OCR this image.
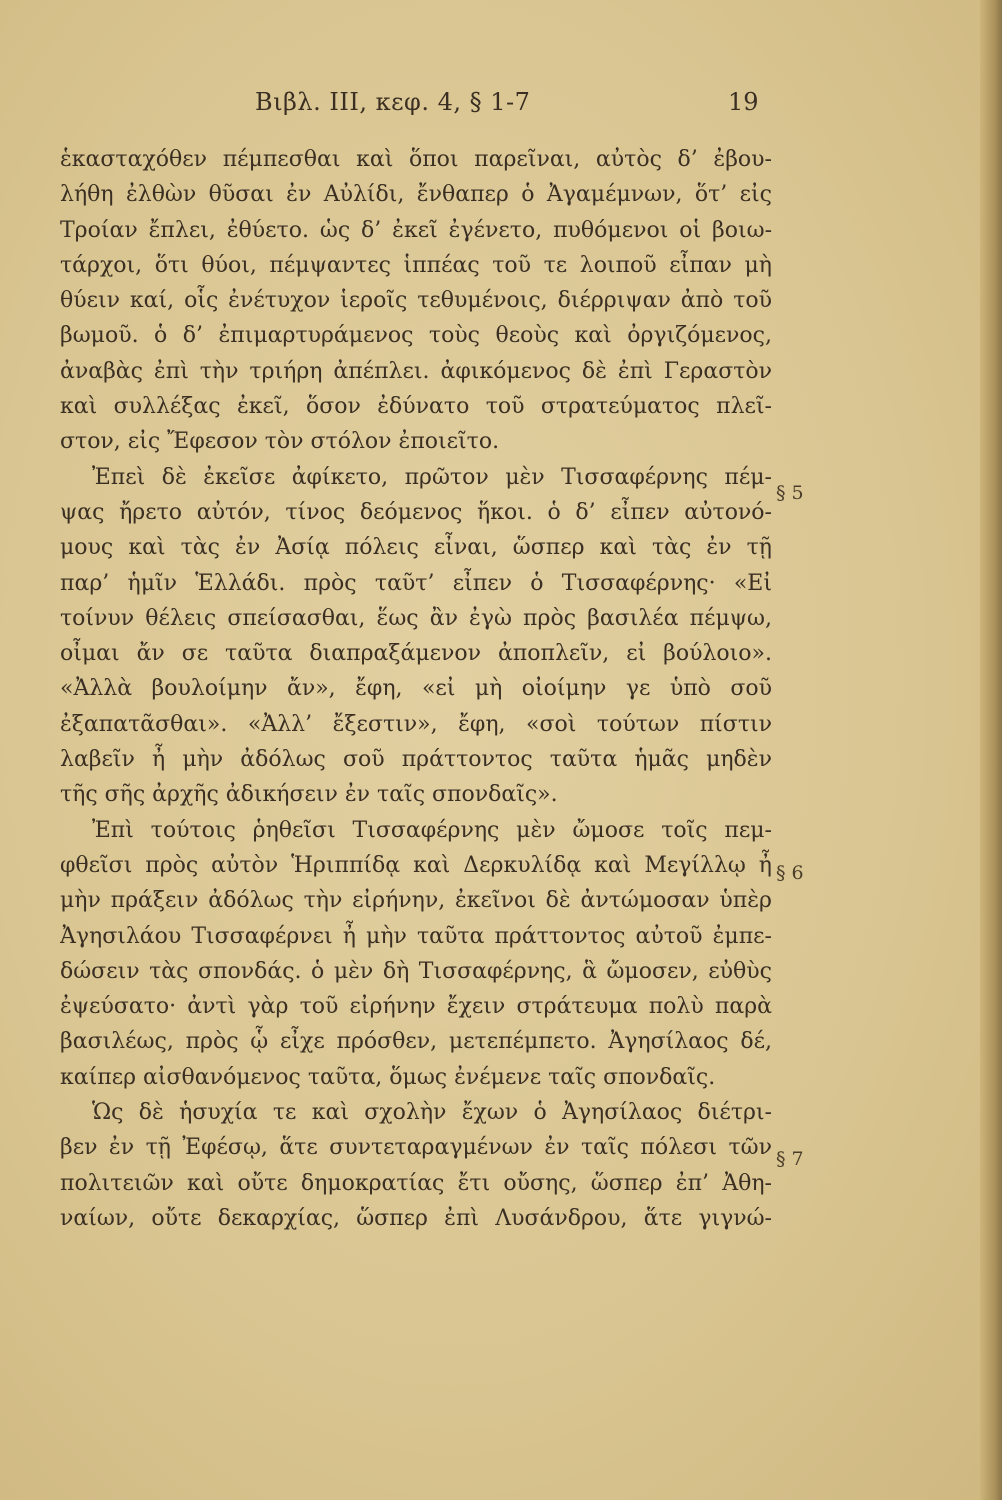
Βιβλ. ΙΙΙ, κεφ. 4, § 1-7	19
ἑκασταχόθεν πέμπεσθαι καὶ ὅποι παρεῖναι, αὐτὸς δ’ ἐβου-
λήθη ἐλθὼν θῦσαι ἐν Αὐλίδι, ἔνθαπερ ὁ Ἀγαμέμνων, ὅτ’ εἰς
Τροίαν ἔπλει, ἐθύετο. ὡς δ’ ἐκεῖ ἐγένετο, πυθόμενοι οἱ βοιω-
τάρχοι, ὅτι θύοι, πέμψαντες ἱππέας τοῦ τε λοιποῦ εἶπαν μὴ
θύειν καί, οἷς ἐνέτυχον ἱεροῖς τεθυμένοις, διέρριψαν ἀπὸ τοῦ
βωμοῦ. ὁ δ’ ἐπιμαρτυράμενος τοὺς θεοὺς καὶ ὀργιζόμενος,
ἀναβὰς ἐπὶ τὴν τριήρη ἀπέπλει. ἀφικόμενος δὲ ἐπὶ Γεραστὸν
καὶ συλλέξας ἐκεῖ, ὅσον ἐδύνατο τοῦ στρατεύματος πλεῖ-
στον, εἰς Ἔφεσον τὸν στόλον ἐποιεῖτο.
Ἐπεὶ δὲ ἐκεῖσε ἀφίκετο, πρῶτον μὲν Τισσαφέρνης πέμ-
ψας ἤρετο αὐτόν, τίνος δεόμενος ἥκοι. ὁ δ’ εἶπεν αὐτονό-
μους καὶ τὰς ἐν Ἀσίᾳ πόλεις εἶναι, ὥσπερ καὶ τὰς ἐν τῇ
παρ’ ἡμῖν Ἑλλάδι. πρὸς ταῦτ’ εἶπεν ὁ Τισσαφέρνης· «Εἰ
τοίνυν θέλεις σπείσασθαι, ἕως ἂν ἐγὼ πρὸς βασιλέα πέμψω,
οἶμαι ἄν σε ταῦτα διαπραξάμενον ἀποπλεῖν, εἰ βούλοιο».
«Ἀλλὰ βουλοίμην ἄν», ἔφη, «εἰ μὴ οἰοίμην γε ὑπὸ σοῦ
ἐξαπατᾶσθαι». «Ἀλλ’ ἔξεστιν», ἔφη, «σοὶ τούτων πίστιν
λαβεῖν ἦ μὴν ἀδόλως σοῦ πράττοντος ταῦτα ἡμᾶς μηδὲν
τῆς σῆς ἀρχῆς ἀδικήσειν ἐν ταῖς σπονδαῖς».
Ἐπὶ τούτοις ῥηθεῖσι Τισσαφέρνης μὲν ὤμοσε τοῖς πεμ-
φθεῖσι πρὸς αὐτὸν Ἡριππίδᾳ καὶ Δερκυλίδᾳ καὶ Μεγίλλῳ ἦ
μὴν πράξειν ἀδόλως τὴν εἰρήνην, ἐκεῖνοι δὲ ἀντώμοσαν ὑπὲρ
Ἀγησιλάου Τισσαφέρνει ἦ μὴν ταῦτα πράττοντος αὐτοῦ ἐμπε-
δώσειν τὰς σπονδάς. ὁ μὲν δὴ Τισσαφέρνης, ἃ ὤμοσεν, εὐθὺς
ἐψεύσατο· ἀντὶ γὰρ τοῦ εἰρήνην ἔχειν στράτευμα πολὺ παρὰ
βασιλέως, πρὸς ᾧ εἶχε πρόσθεν, μετεπέμπετο. Ἀγησίλαος δέ,
καίπερ αἰσθανόμενος ταῦτα, ὅμως ἐνέμενε ταῖς σπονδαῖς.
Ὡς δὲ ἡσυχία τε καὶ σχολὴν ἔχων ὁ Ἀγησίλαος διέτρι-
βεν ἐν τῇ Ἐφέσῳ, ἅτε συντεταραγμένων ἐν ταῖς πόλεσι τῶν
πολιτειῶν καὶ οὔτε δημοκρατίας ἔτι οὔσης, ὥσπερ ἐπ’ Ἀθη-
ναίων, οὔτε δεκαρχίας, ὥσπερ ἐπὶ Λυσάνδρου, ἅτε γιγνώ-
§ 5
§ 6
§ 7
